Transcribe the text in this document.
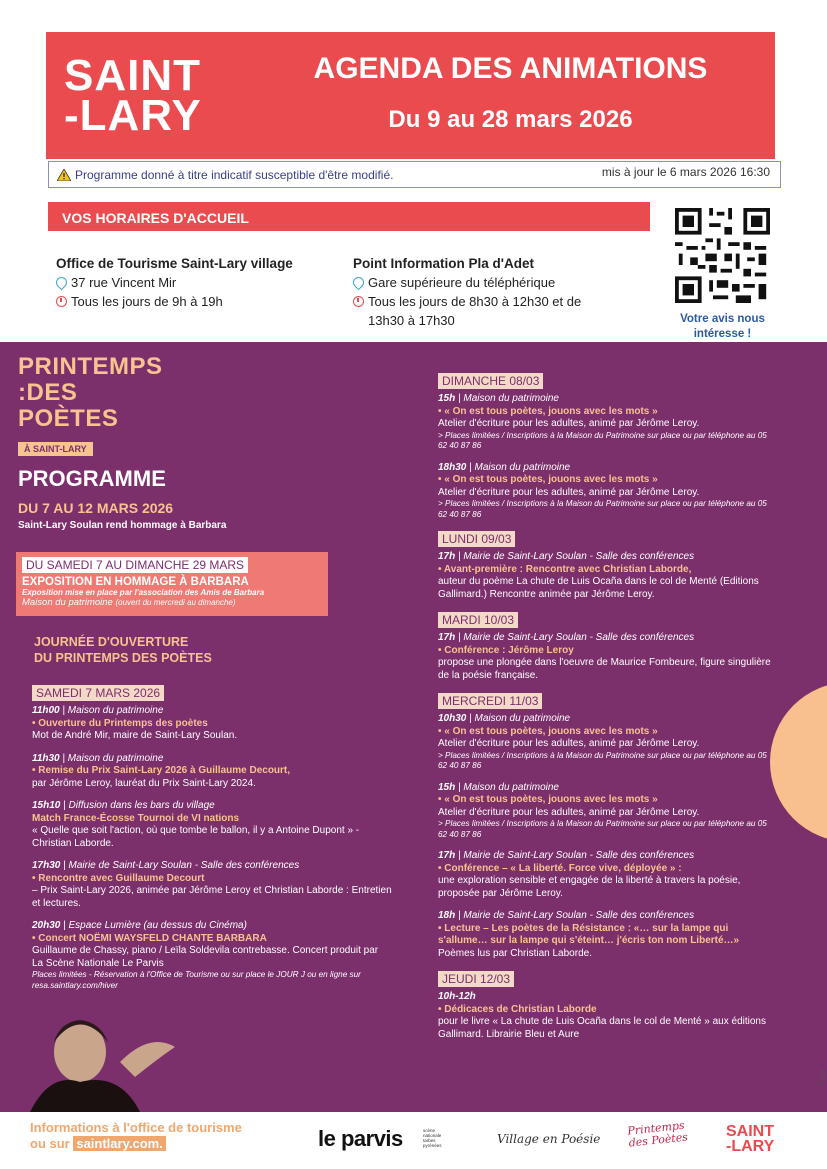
SAINT
-LARY
AGENDA DES ANIMATIONS
Du 9 au 28 mars 2026
Programme donné à titre indicatif susceptible d'être modifié.	mis à jour le 6 mars 2026 16:30
VOS HORAIRES D'ACCUEIL
Office de Tourisme Saint-Lary village
37 rue Vincent Mir
Tous les jours de 9h à 19h
Point Information Pla d'Adet
Gare supérieure du téléphérique
Tous les jours de 8h30 à 12h30 et de 13h30 à 17h30	Votre avis nous intéresse !
PRINTEMPS
:DES
POÈTES
À SAINT-LARY
PROGRAMME
DU 7 AU 12 MARS 2026
Saint-Lary Soulan rend hommage à Barbara
DU SAMEDI 7 AU DIMANCHE 29 MARS
EXPOSITION EN HOMMAGE À BARBARA
Exposition mise en place par l'association des Amis de Barbara
Maison du patrimoine (ouvert du mercredi au dimanche)
JOURNÉE D'OUVERTURE
DU PRINTEMPS DES POÈTES
SAMEDI 7 MARS 2026
11h00 | Maison du patrimoine
• Ouverture du Printemps des poètes
Mot de André Mir, maire de Saint-Lary Soulan.
11h30 | Maison du patrimoine
• Remise du Prix Saint-Lary 2026 à Guillaume Decourt,
par Jérôme Leroy, lauréat du Prix Saint-Lary 2024.
15h10 | Diffusion dans les bars du village
Match France-Écosse Tournoi de VI nations
« Quelle que soit l'action, où que tombe le ballon, il y a Antoine Dupont » - Christian Laborde.
17h30 | Mairie de Saint-Lary Soulan - Salle des conférences
• Rencontre avec Guillaume Decourt
– Prix Saint-Lary 2026, animée par Jérôme Leroy et Christian Laborde : Entretien et lectures.
20h30 | Espace Lumière (au dessus du Cinéma)
• Concert NOËMI WAYSFELD CHANTE BARBARA
Guillaume de Chassy, piano / Leïla Soldevila contrebasse. Concert produit par La Scène Nationale Le Parvis
Places limitées - Réservation à l'Office de Tourisme ou sur place le JOUR J ou en ligne sur resa.saintlary.com/hiver
DIMANCHE 08/03
15h | Maison du patrimoine
• « On est tous poètes, jouons avec les mots »
Atelier d'écriture pour les adultes, animé par Jérôme Leroy.
> Places limitées / Inscriptions à la Maison du Patrimoine sur place ou par téléphone au 05 62 40 87 86
18h30 | Maison du patrimoine
• « On est tous poètes, jouons avec les mots »
Atelier d'écriture pour les adultes, animé par Jérôme Leroy.
> Places limitées / Inscriptions à la Maison du Patrimoine sur place ou par téléphone au 05 62 40 87 86
LUNDI 09/03
17h | Mairie de Saint-Lary Soulan - Salle des conférences
• Avant-première : Rencontre avec Christian Laborde,
auteur du poème La chute de Luis Ocaña dans le col de Menté (Editions Gallimard.) Rencontre animée par Jérôme Leroy.
MARDI 10/03
17h | Mairie de Saint-Lary Soulan - Salle des conférences
• Conférence : Jérôme Leroy
propose une plongée dans l'oeuvre de Maurice Fombeure, figure singulière de la poésie française.
MERCREDI 11/03
10h30 | Maison du patrimoine
• « On est tous poètes, jouons avec les mots »
Atelier d'écriture pour les adultes, animé par Jérôme Leroy.
> Places limitées / Inscriptions à la Maison du Patrimoine sur place ou par téléphone au 05 62 40 87 86
15h | Maison du patrimoine
• « On est tous poètes, jouons avec les mots »
Atelier d'écriture pour les adultes, animé par Jérôme Leroy.
> Places limitées / Inscriptions à la Maison du Patrimoine sur place ou par téléphone au 05 62 40 87 86
17h | Mairie de Saint-Lary Soulan - Salle des conférences
• Conférence – « La liberté. Force vive, déployée » :
une exploration sensible et engagée de la liberté à travers la poésie, proposée par Jérôme Leroy.
18h | Mairie de Saint-Lary Soulan - Salle des conférences
• Lecture – Les poètes de la Résistance : «… sur la lampe qui s'allume… sur la lampe qui s'éteint… j'écris ton nom Liberté…»
Poèmes lus par Christian Laborde.
JEUDI 12/03
10h-12h
• Dédicaces de Christian Laborde
pour le livre « La chute de Luis Ocaña dans le col de Menté » aux éditions Gallimard. Librairie Bleu et Aure
Informations à l'office de tourisme
ou sur saintlary.com.	le parvis	scène nationale tarbes pyrénées	Village en Poésie
Printemps des Poètes	SAINT
-LARY
© LLUBE
